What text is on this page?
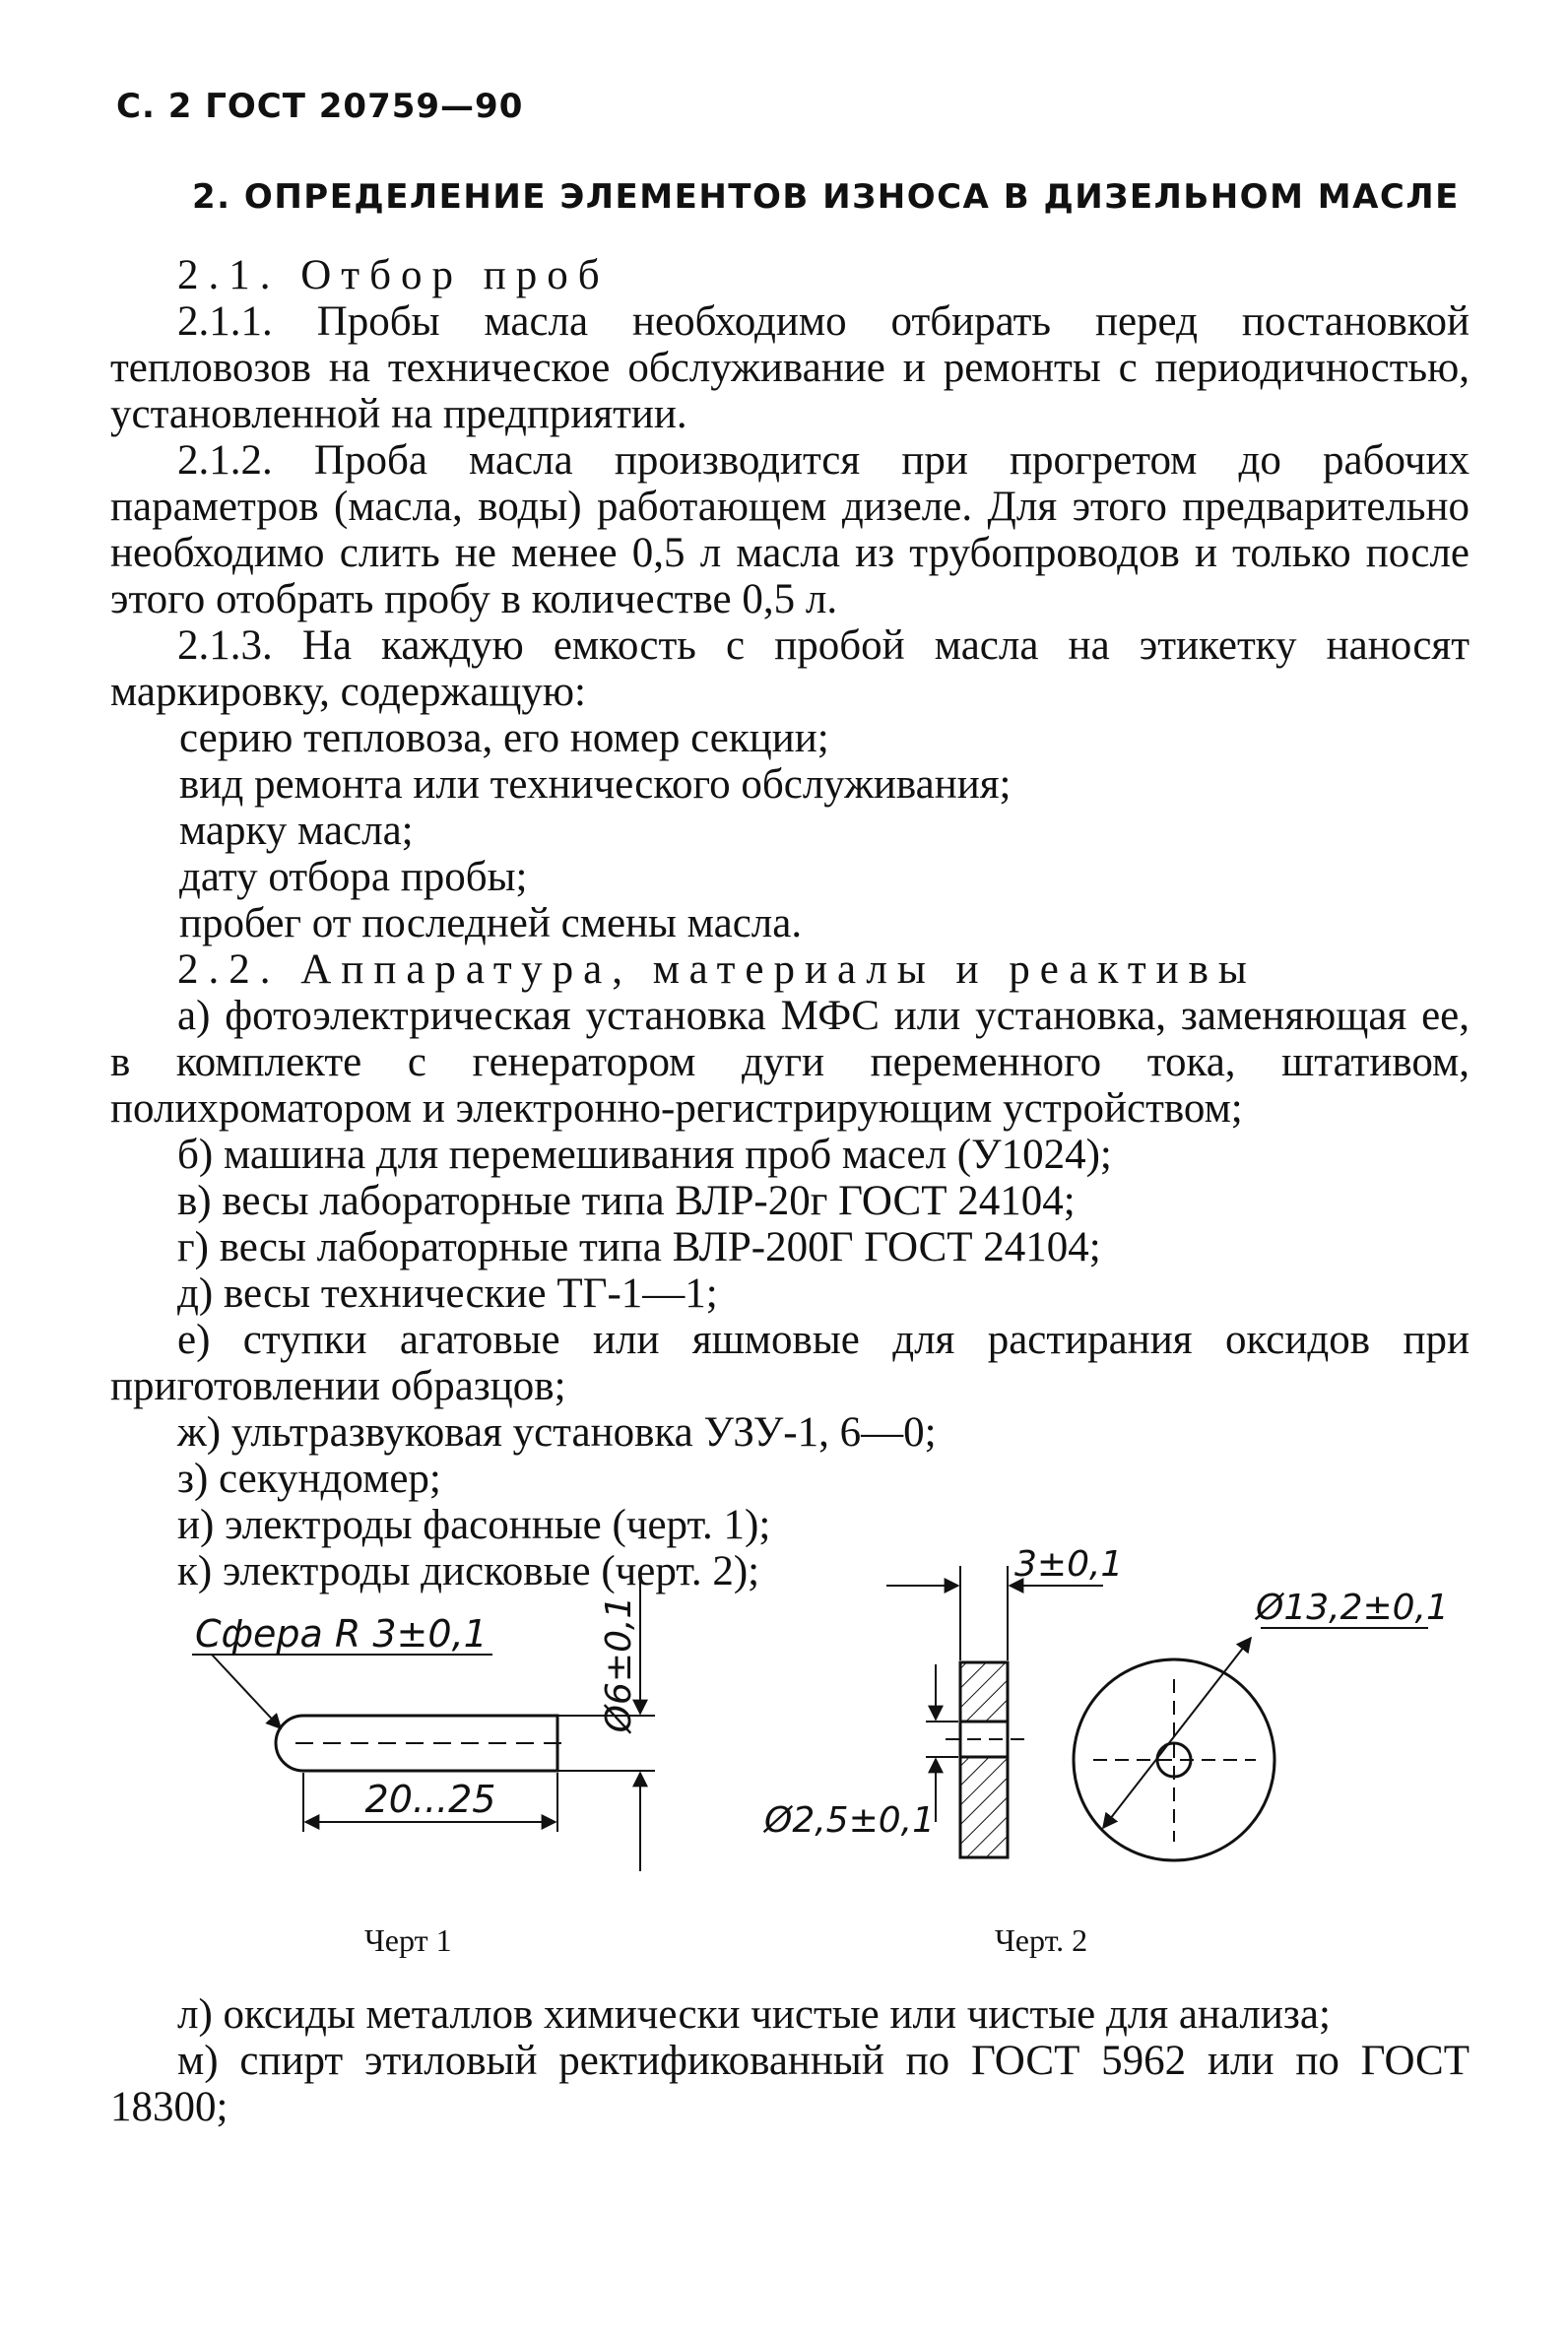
С. 2 ГОСТ 20759—90
2. ОПРЕДЕЛЕНИЕ ЭЛЕМЕНТОВ ИЗНОСА В ДИЗЕЛЬНОМ МАСЛЕ

2.1. Отбор проб

2.1.1. Пробы масла необходимо отбирать перед постановкой тепловозов на техническое обслуживание и ремонты с периодичностью, установленной на предприятии.

2.1.2. Проба масла производится при прогретом до рабочих параметров (масла, воды) работающем дизеле. Для этого предварительно необходимо слить не менее 0,5 л масла из трубопроводов и только после этого отобрать пробу в количестве 0,5 л.

2.1.3. На каждую емкость с пробой масла на этикетку наносят маркировку, содержащую:

серию тепловоза, его номер секции;

вид ремонта или технического обслуживания;

марку масла;

дату отбора пробы;

пробег от последней смены масла.

2.2. Аппаратура, материалы и реактивы

а) фотоэлектрическая установка МФС или установка, заменяющая ее, в комплекте с генератором дуги переменного тока, штативом, полихроматором и электронно-регистрирующим устройством;

б) машина для перемешивания проб масел (У1024);

в) весы лабораторные типа ВЛР-20г ГОСТ 24104;

г) весы лабораторные типа ВЛР-200Г ГОСТ 24104;

д) весы технические ТГ-1—1;

е) ступки агатовые или яшмовые для растирания оксидов при приготовлении образцов;

ж) ультразвуковая установка УЗУ-1, 6—0;

з) секундомер;

и) электроды фасонные (черт. 1);

к) электроды дисковые (черт. 2);

Сфера R 3±0,1	Ø6±0,1
20...25
3±0,1
Ø13,2±0,1
Ø2,5±0,1
Черт 1	Черт. 2

л) оксиды металлов химически чистые или чистые для анализа;

м) спирт этиловый ректификованный по ГОСТ 5962 или по ГОСТ 18300;
